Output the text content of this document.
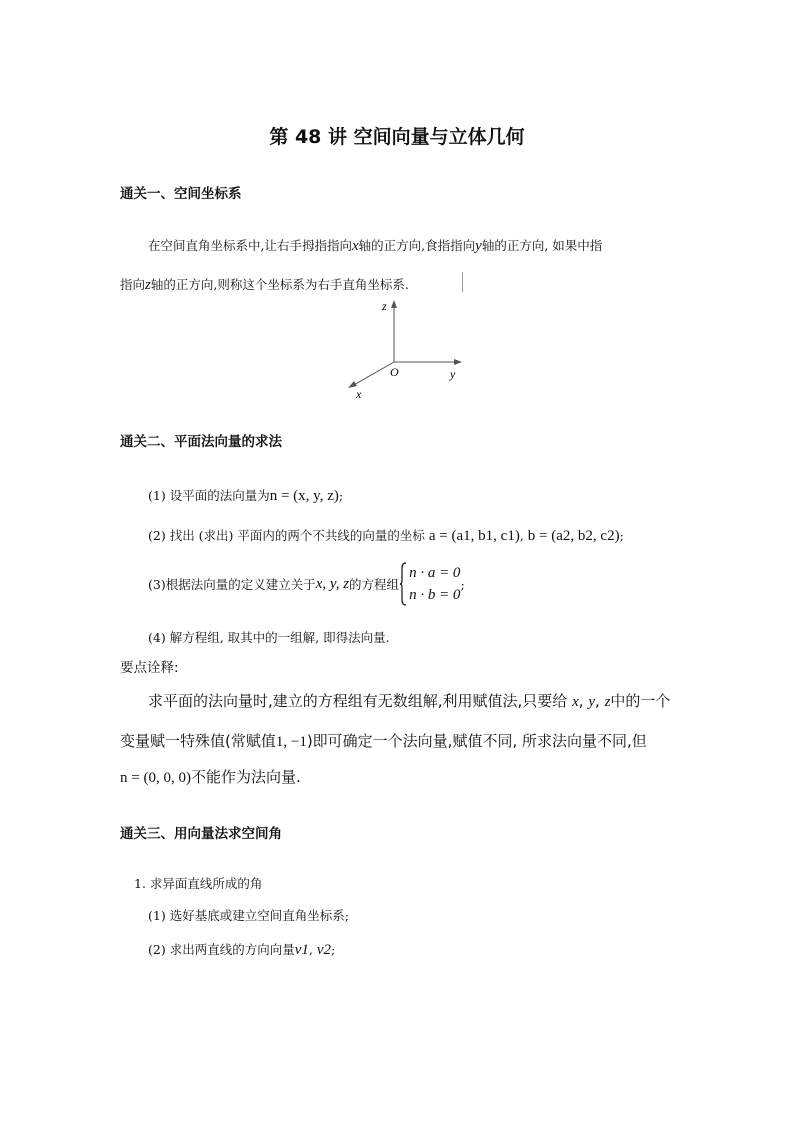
第 48 讲 空间向量与立体几何
通关一、空间坐标系
在空间直角坐标系中,让右手拇指指向x轴的正方向,食指指向y轴的正方向, 如果中指
指向z轴的正方向,则称这个坐标系为右手直角坐标系.
z
O	y
x
通关二、平面法向量的求法
(1) 设平面的法向量为n = (x, y, z);
(2) 找出 (求出) 平面内的两个不共线的向量的坐标 a = (a1, b1, c1), b = (a2, b2, c2);
(3)根据法向量的定义建立关于 x, y, z 的方程组
n · a = 0
n · b = 0
;
(4) 解方程组, 取其中的一组解, 即得法向量.
要点诠释:
求平面的法向量时,建立的方程组有无数组解,利用赋值法,只要给 x, y, z中的一个
变量赋一特殊值(常赋值1, −1)即可确定一个法向量,赋值不同, 所求法向量不同,但
n = (0, 0, 0)不能作为法向量.
通关三、用向量法求空间角
1. 求异面直线所成的角
(1) 选好基底或建立空间直角坐标系;
(2) 求出两直线的方向向量v1, v2;
